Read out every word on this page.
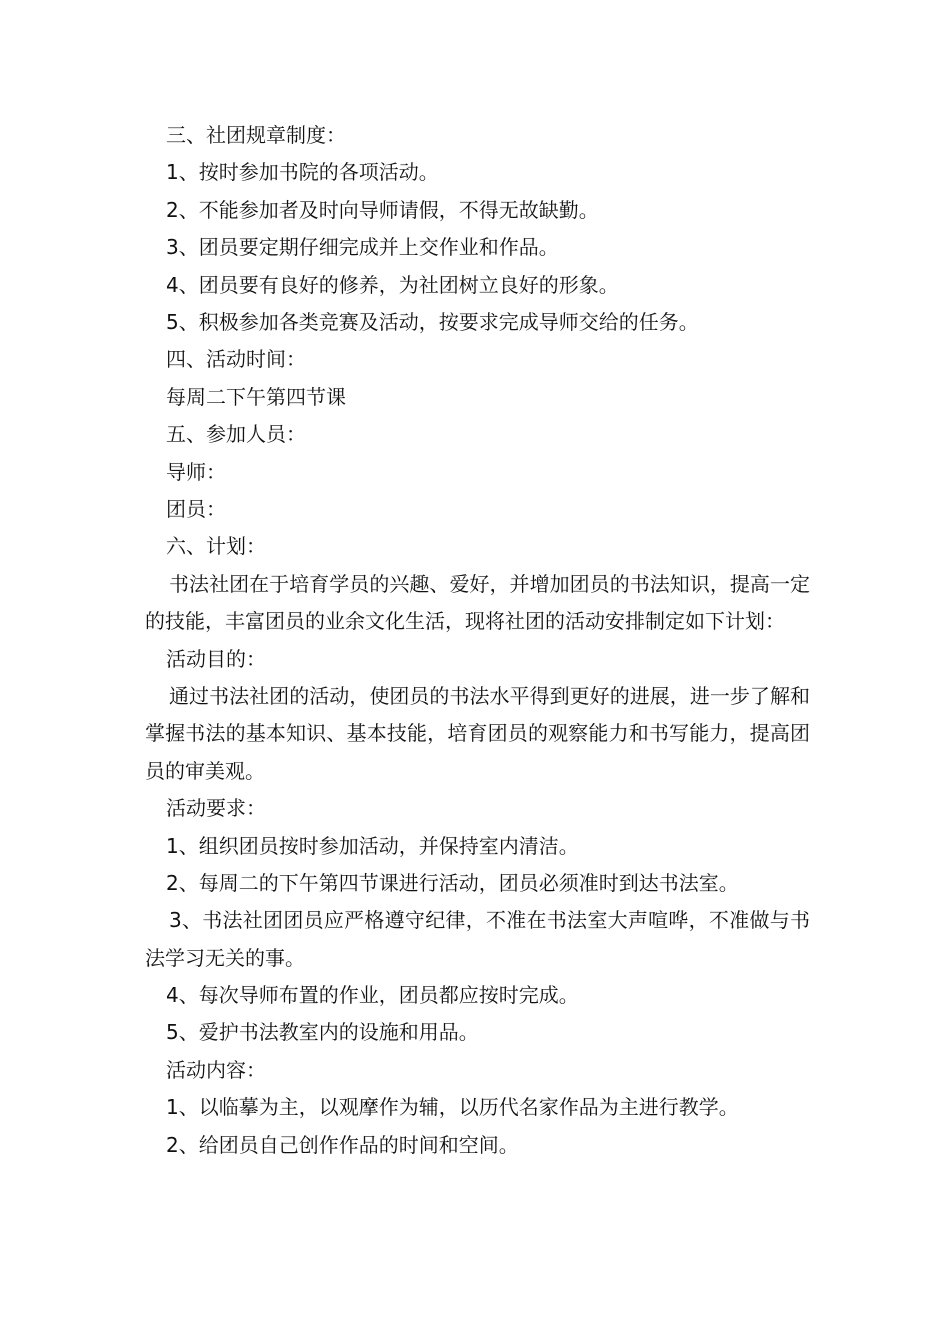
三、社团规章制度：

1、按时参加书院的各项活动。

2、不能参加者及时向导师请假，不得无故缺勤。

3、团员要定期仔细完成并上交作业和作品。

4、团员要有良好的修养，为社团树立良好的形象。

5、积极参加各类竞赛及活动，按要求完成导师交给的任务。

四、活动时间：

每周二下午第四节课

五、参加人员：

导师：

团员：

六、计划：

书法社团在于培育学员的兴趣、爱好，并增加团员的书法知识，提高一定的技能，丰富团员的业余文化生活，现将社团的活动安排制定如下计划：

活动目的：

通过书法社团的活动，使团员的书法水平得到更好的进展，进一步了解和掌握书法的基本知识、基本技能，培育团员的观察能力和书写能力，提高团员的审美观。

活动要求：

1、组织团员按时参加活动，并保持室内清洁。

2、每周二的下午第四节课进行活动，团员必须准时到达书法室。

3、书法社团团员应严格遵守纪律，不准在书法室大声喧哗，不准做与书法学习无关的事。

4、每次导师布置的作业，团员都应按时完成。

5、爱护书法教室内的设施和用品。

活动内容：

1、以临摹为主，以观摩作为辅，以历代名家作品为主进行教学。

2、给团员自己创作作品的时间和空间。
